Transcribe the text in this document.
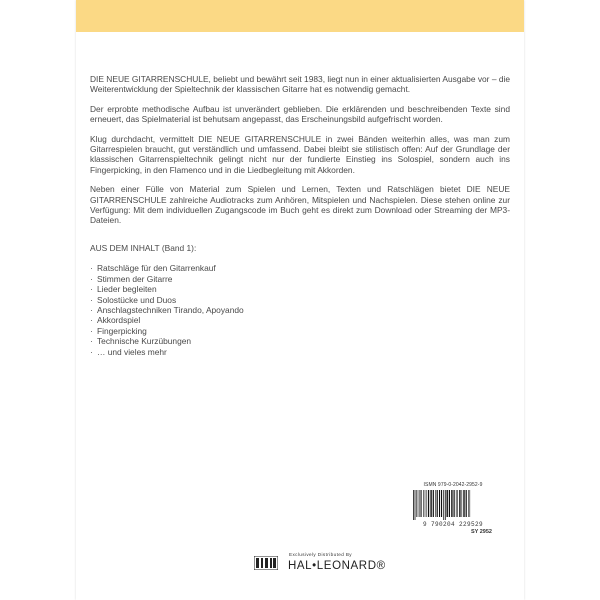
DIE NEUE GITARRENSCHULE, beliebt und bewährt seit 1983, liegt nun in einer aktualisierten Ausgabe vor – die Weiterentwicklung der Spieltechnik der klassischen Gitarre hat es notwendig gemacht.

Der erprobte methodische Aufbau ist unverändert geblieben. Die erklärenden und beschreibenden Texte sind erneuert, das Spielmaterial ist behutsam angepasst, das Erscheinungsbild aufgefrischt worden.

Klug durchdacht, vermittelt DIE NEUE GITARRENSCHULE in zwei Bänden weiterhin alles, was man zum Gitarrespielen braucht, gut verständlich und umfassend. Dabei bleibt sie stilistisch offen: Auf der Grundlage der klassischen Gitarrenspieltechnik gelingt nicht nur der fundierte Einstieg ins Solospiel, sondern auch ins Fingerpicking, in den Flamenco und in die Liedbegleitung mit Akkorden.

Neben einer Fülle von Material zum Spielen und Lernen, Texten und Ratschlägen bietet DIE NEUE GITARRENSCHULE zahlreiche Audiotracks zum Anhören, Mitspielen und Nachspielen. Diese stehen online zur Verfügung: Mit dem individuellen Zugangscode im Buch geht es direkt zum Download oder Streaming der MP3-Dateien.

AUS DEM INHALT (Band 1):
· Ratschläge für den Gitarrenkauf
· Stimmen der Gitarre
· Lieder begleiten
· Solostücke und Duos
· Anschlagstechniken Tirando, Apoyando
· Akkordspiel
· Fingerpicking
· Technische Kurzübungen
· … und vieles mehr
ISMN 979-0-2042-2952-9
9 790204 229529
SY 2952
Exclusively Distributed By
HAL•LEONARD®
